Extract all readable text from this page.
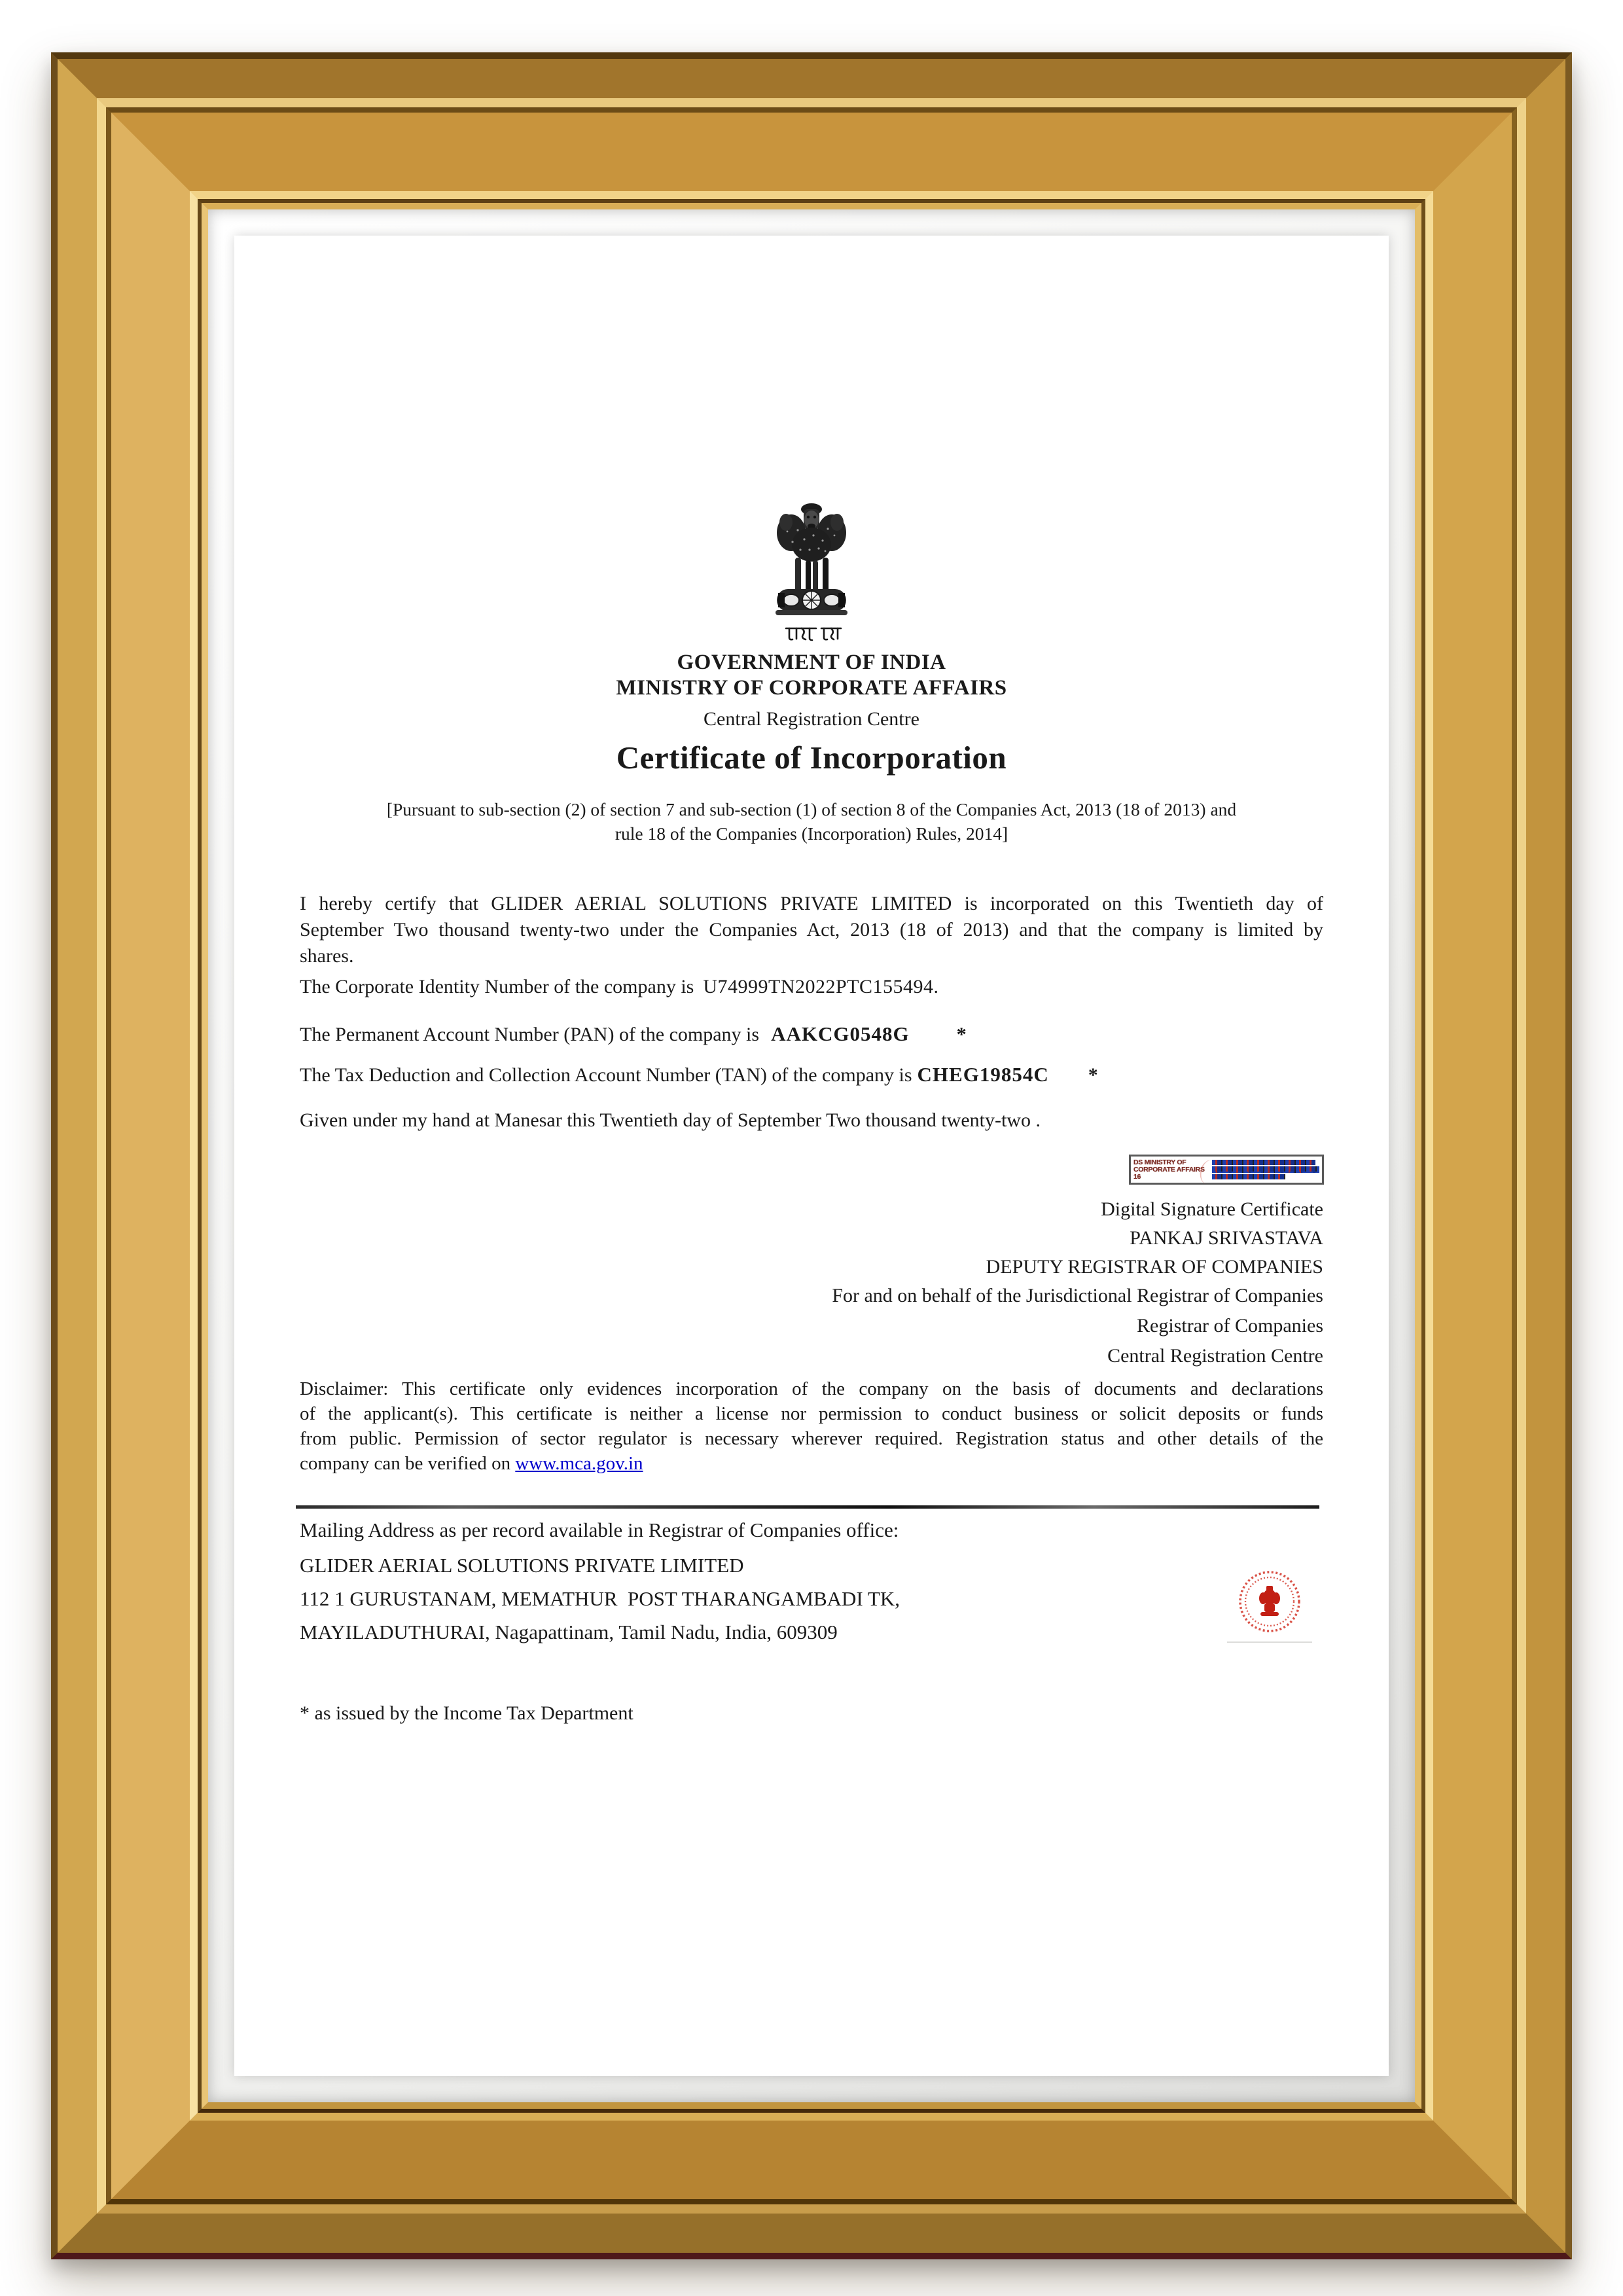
GOVERNMENT OF INDIA
MINISTRY OF CORPORATE AFFAIRS
Central Registration Centre
Certificate of Incorporation
[Pursuant to sub-section (2) of section 7 and sub-section (1) of section 8 of the Companies Act, 2013 (18 of 2013) and
rule 18 of the Companies (Incorporation) Rules, 2014]
I hereby certify that GLIDER AERIAL SOLUTIONS PRIVATE LIMITED is incorporated on this Twentieth day of
September Two thousand twenty-two under the Companies Act, 2013 (18 of 2013) and that the company is limited by
shares.
The Corporate Identity Number of the company is U74999TN2022PTC155494.
The Permanent Account Number (PAN) of the company is AAKCG0548G *
The Tax Deduction and Collection Account Number (TAN) of the company is CHEG19854C *
Given under my hand at Manesar this Twentieth day of September Two thousand twenty-two .
DS MINISTRY OF
CORPORATE AFFAIRS 16
Digital Signature Certificate
PANKAJ SRIVASTAVA
DEPUTY REGISTRAR OF COMPANIES
For and on behalf of the Jurisdictional Registrar of Companies
Registrar of Companies
Central Registration Centre
Disclaimer: This certificate only evidences incorporation of the company on the basis of documents and declarations
of the applicant(s). This certificate is neither a license nor permission to conduct business or solicit deposits or funds
from public. Permission of sector regulator is necessary wherever required. Registration status and other details of the
company can be verified on www.mca.gov.in
Mailing Address as per record available in Registrar of Companies office:
GLIDER AERIAL SOLUTIONS PRIVATE LIMITED
112 1 GURUSTANAM, MEMATHUR  POST THARANGAMBADI TK,
MAYILADUTHURAI, Nagapattinam, Tamil Nadu, India, 609309
* as issued by the Income Tax Department
